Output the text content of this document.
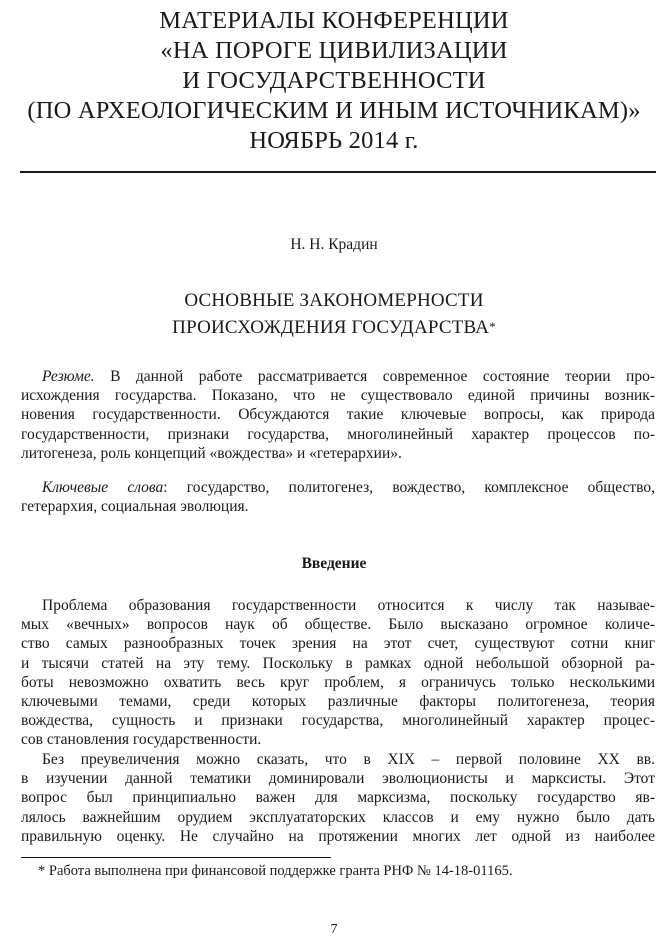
МАТЕРИАЛЫ КОНФЕРЕНЦИИ
«НА ПОРОГЕ ЦИВИЛИЗАЦИИ
И ГОСУДАРСТВЕННОСТИ
(ПО АРХЕОЛОГИЧЕСКИМ И ИНЫМ ИСТОЧНИКАМ)»
НОЯБРЬ 2014 г.
Н. Н. Крадин
ОСНОВНЫЕ ЗАКОНОМЕРНОСТИ
ПРОИСХОЖДЕНИЯ ГОСУДАРСТВА*
Резюме. В данной работе рассматривается современное состояние теории про-
исхождения государства. Показано, что не существовало единой причины возник-
новения государственности. Обсуждаются такие ключевые вопросы, как природа
государственности, признаки государства, многолинейный характер процессов по-
литогенеза, роль концепций «вождества» и «гетерархии».
Ключевые слова: государство, политогенез, вождество, комплексное общество,
гетерархия, социальная эволюция.
Введение
Проблема образования государственности относится к числу так называе-
мых «вечных» вопросов наук об обществе. Было высказано огромное количе-
ство самых разнообразных точек зрения на этот счет, существуют сотни книг
и тысячи статей на эту тему. Поскольку в рамках одной небольшой обзорной ра-
боты невозможно охватить весь круг проблем, я ограничусь только несколькими
ключевыми темами, среди которых различные факторы политогенеза, теория
вождества, сущность и признаки государства, многолинейный характер процес-
сов становления государственности.
Без преувеличения можно сказать, что в XIX – первой половине XX вв.
в изучении данной тематики доминировали эволюционисты и марксисты. Этот
вопрос был принципиально важен для марксизма, поскольку государство яв-
лялось важнейшим орудием эксплуататорских классов и ему нужно было дать
правильную оценку. Не случайно на протяжении многих лет одной из наиболее
* Работа выполнена при финансовой поддержке гранта РНФ № 14-18-01165.
7
